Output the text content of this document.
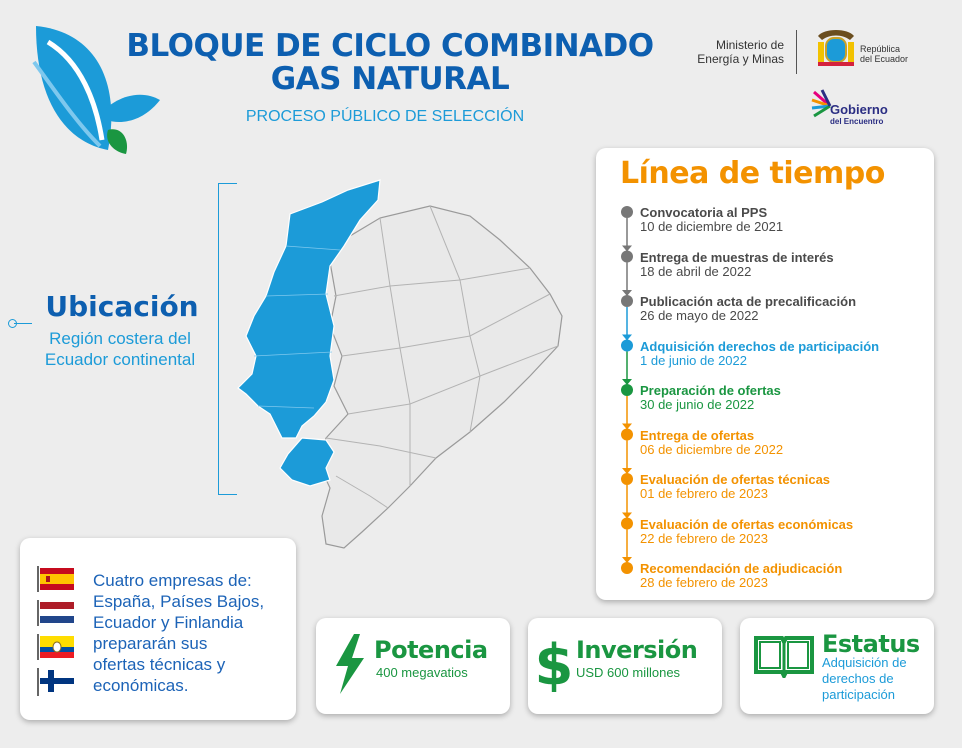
BLOQUE DE CICLO COMBINADO
GAS NATURAL
PROCESO PÚBLICO DE SELECCIÓN
Ministerio de
Energía y Minas
República
del Ecuador
Gobierno
del Encuentro
Ubicación
Región costera del
Ecuador continental
Línea de tiempo
Convocatoria al PPS
10 de diciembre de 2021
Entrega de muestras de interés
18 de abril de 2022
Publicación acta de precalificación
26 de mayo de 2022
Adquisición derechos de participación
1 de junio de 2022
Preparación de ofertas
30 de junio de 2022
Entrega de ofertas
06 de diciembre de 2022
Evaluación de ofertas técnicas
01 de febrero de 2023
Evaluación de ofertas económicas
22 de febrero de 2023
Recomendación de adjudicación
28 de febrero de 2023
Cuatro empresas de:
España, Países Bajos,
Ecuador y Finlandia
prepararán sus
ofertas técnicas y
económicas.
Potencia
400 megavatios $ Inversión
USD 600 millones
Estatus
Adquisición de
derechos de
participación
